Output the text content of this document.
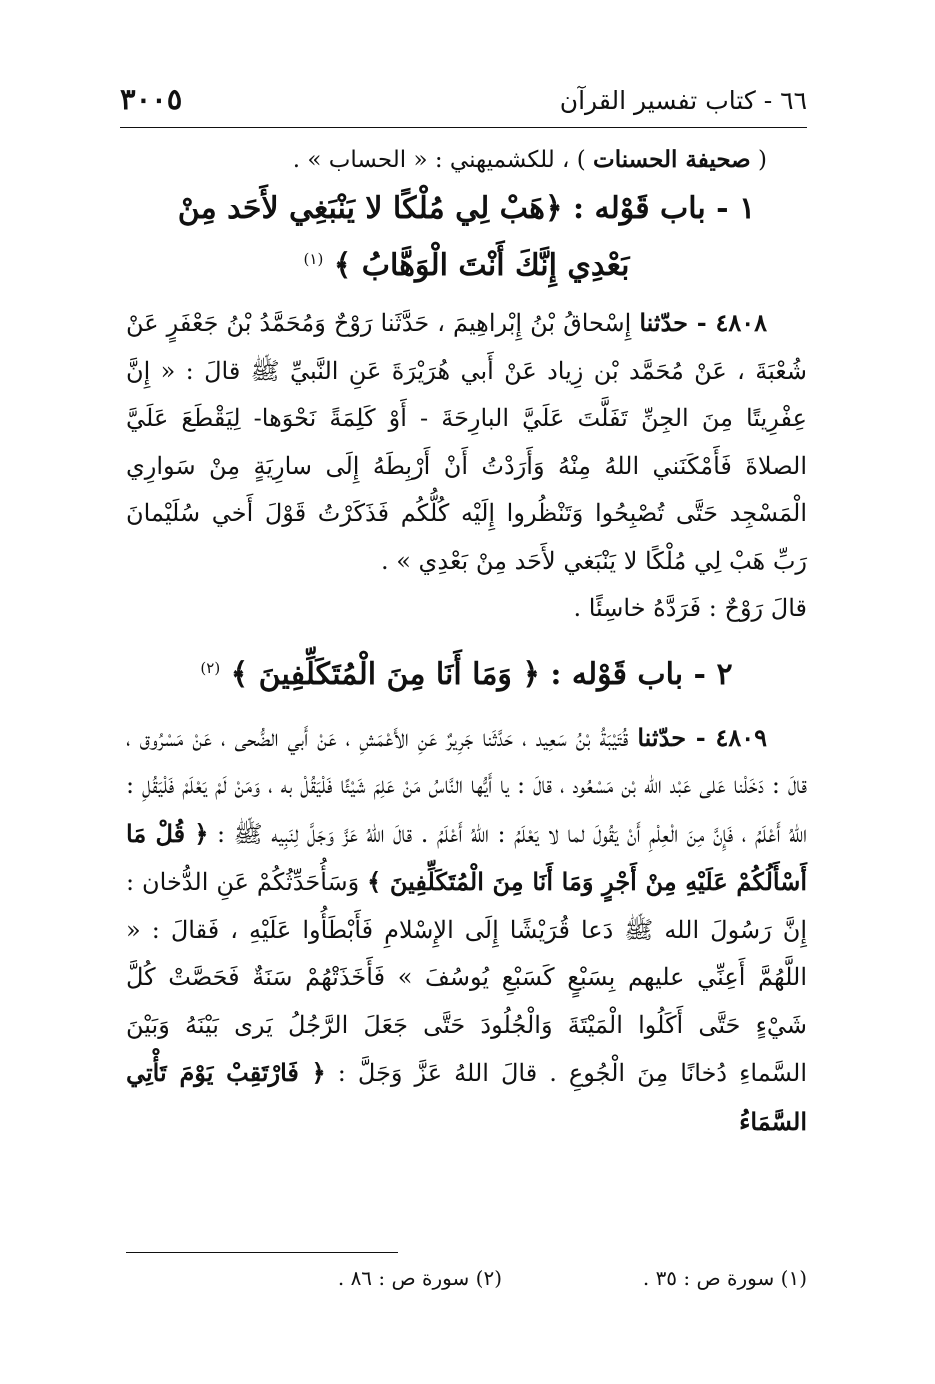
٦٦ - كتاب تفسير القرآن
٣٠٠٥

( صحيفة الحسنات ) ، للكشميهني : « الحساب » .

١ - باب قَوْله : ﴿هَبْ لِي مُلْكًا لا يَنْبَغِي لأَحَد مِنْ
بَعْدِي إِنَّكَ أَنْتَ الْوَهَّابُ ﴾ $^{(١)}$

٤٨٠٨ - حدّثنا إِسْحاقُ بْنُ إِبْراهِيمَ ، حَدَّثَنا رَوْحٌ وَمُحَمَّدُ بْنُ جَعْفَرٍ عَنْ شُعْبَةَ ، عَنْ مُحَمَّد بْن زِياد عَنْ أَبي هُرَيْرَةَ عَنِ النَّبيِّ ﷺ قالَ : « إِنَّ عِفْرِيتًا مِنَ الجِنِّ تَفَلَّتَ عَلَيَّ البارِحَةَ - أَوْ كَلِمَةً نَحْوَها- لِيَقْطَعَ عَلَيَّ الصلاةَ فَأَمْكَنَني اللهُ مِنْهُ وَأَرَدْتُ أَنْ أَرْبِطَهُ إِلَى سارِيَةٍ مِنْ سَوارِي الْمَسْجِد حَتَّى تُصْبِحُوا وَتَنْظُروا إِلَيْه كُلُّكُم فَذَكَرْتُ قَوْلَ أَخي سُلَيْمانَ رَبِّ هَبْ لِي مُلْكًا لا يَنْبَغي لأَحَد مِنْ بَعْدِي » .

قالَ رَوْحٌ : فَرَدَّهُ خاسِئًا .

٢ - باب قَوْله : ﴿ وَمَا أَنَا مِنَ الْمُتَكَلِّفِينَ ﴾ $^{(٢)}$

٤٨٠٩ - حدّثنا قُتَيْبَةُ بْنُ سَعِيد ، حَدَّثَنا جَرِيرٌ عَنِ الأَعْمَشِ ، عَنْ أَبي الضُّحى ، عَنْ مَسْرُوق ، قالَ : دَخَلْنا عَلى عَبْد الله بْن مَسْعُود ، قالَ : يا أَيُّها النَّاسُ مَنْ عَلِمَ شَيْئًا فَلْيَقُلْ به ، وَمَنْ لَمْ يَعْلَمْ فَلْيَقُلِ : اللهُ أَعْلَمُ ، فَإِنَّ مِنَ الْعِلْمِ أَنْ يَقُولَ لما لا يَعْلَمُ : اللهُ أَعْلَمُ . قالَ اللهُ عَزَّ وَجَلَّ لِنَبِيه ﷺ : ﴿ قُلْ مَا أَسْأَلُكُمْ عَلَيْهِ مِنْ أَجْرٍ وَمَا أَنَا مِنَ الْمُتَكَلِّفِينَ ﴾ وَسَأُحَدِّثُكُمْ عَنِ الدُّخان : إِنَّ رَسُولَ الله ﷺ دَعا قُرَيْشًا إِلَى الإِسْلامِ فَأَبْطَأُوا عَلَيْهِ ، فَقالَ : « اللَّهُمَّ أَعِنِّي عليهم بِسَبْعٍ كَسَبْعِ يُوسُفَ » فَأَخَذَتْهُمْ سَنَةٌ فَحَصَّتْ كُلَّ شَيْءٍ حَتَّى أَكَلُوا الْمَيْتَةَ وَالْجُلُودَ حَتَّى جَعَلَ الرَّجُلُ يَرى بَيْنَهُ وَبَيْنَ السَّماءِ دُخانًا مِنَ الْجُوعِ . قالَ اللهُ عَزَّ وَجَلَّ : ﴿ فَارْتَقِبْ يَوْمَ تَأْتِي السَّمَاءُ

(١) سورة ص : ٣٥ .
(٢) سورة ص : ٨٦ .
